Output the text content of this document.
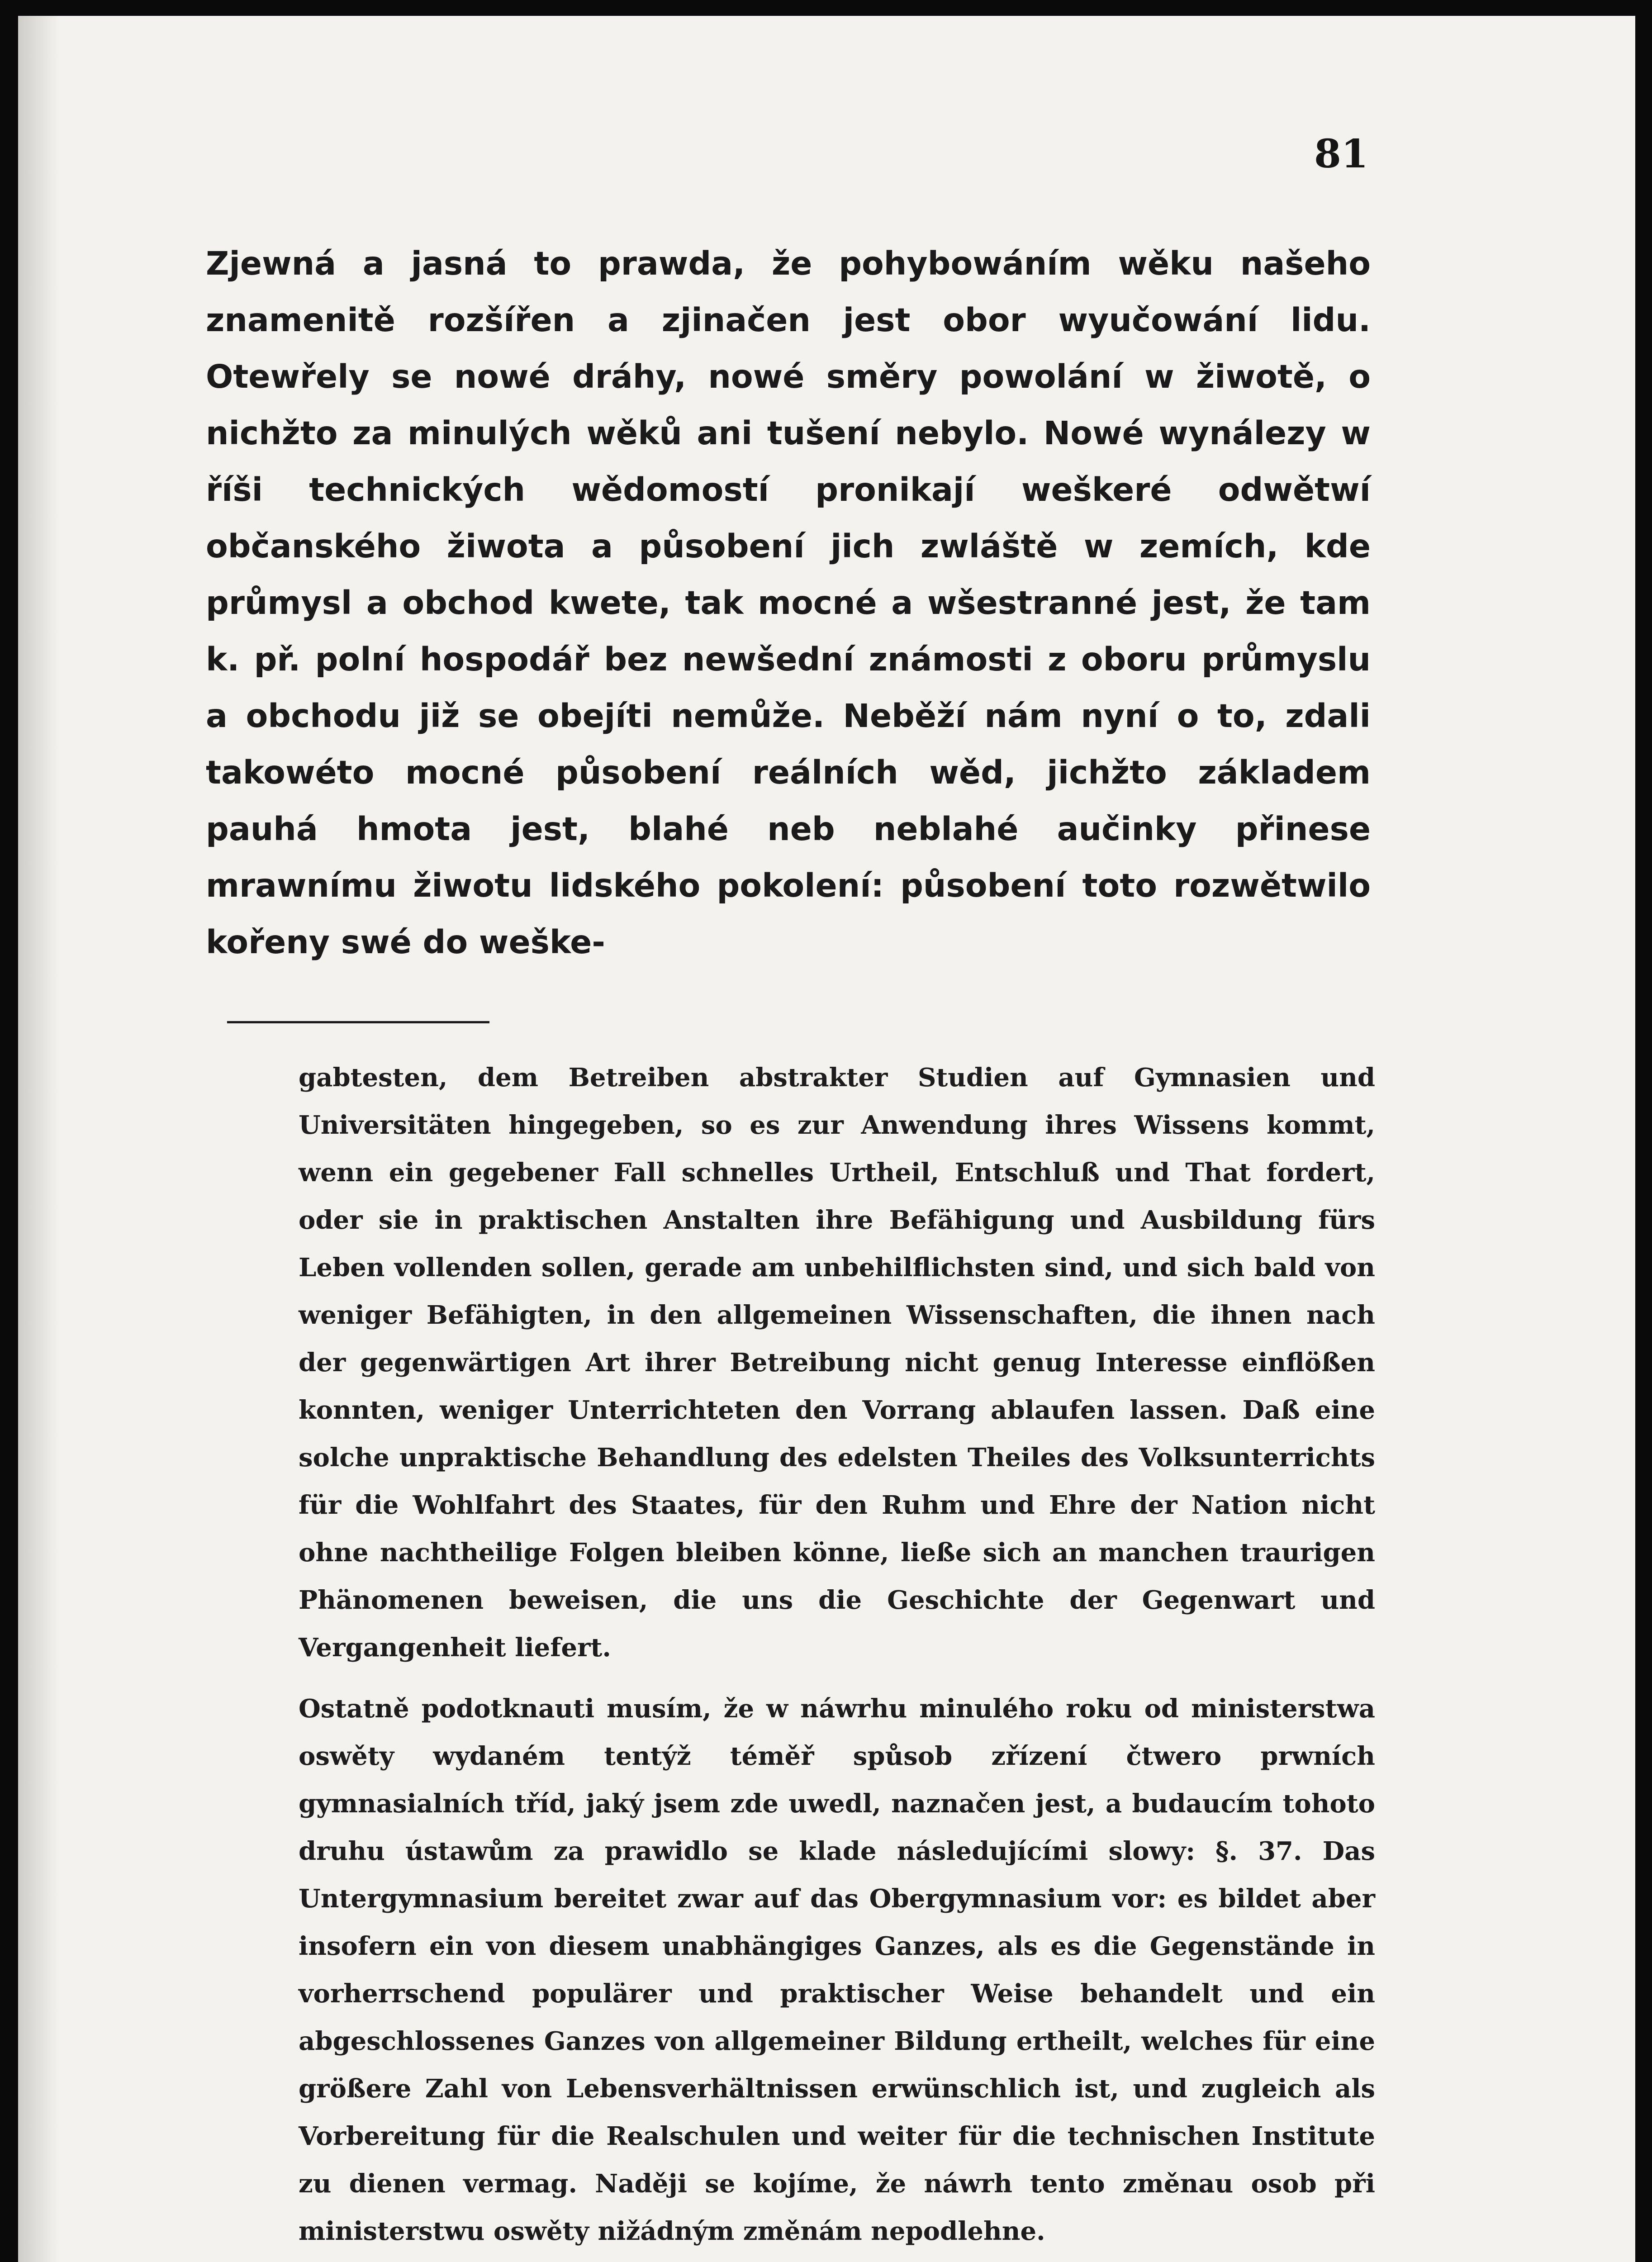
81

Zjewná a jasná to prawda, že pohybowáním wěku našeho znamenitě rozšířen a zjinačen jest obor wyučowání lidu. Otewřely se nowé dráhy, nowé směry powolání w žiwotě, o nichžto za minulých wěků ani tušení nebylo. Nowé wynálezy w říši technických wědomostí pronikají weškeré odwětwí občanského žiwota a působení jich zwláště w zemích, kde průmysl a obchod kwete, tak mocné a wšestranné jest, že tam k. př. polní hospodář bez newšední známosti z oboru průmyslu a obchodu již se obejíti nemůže. Neběží nám nyní o to, zdali takowéto mocné působení reálních wěd, jichžto základem pauhá hmota jest, blahé neb neblahé aučinky přinese mrawnímu žiwotu lidského pokolení: působení toto rozwětwilo kořeny swé do weške-

gabtesten, dem Betreiben abstrakter Studien auf Gymnasien und Universitäten hingegeben, so es zur Anwendung ihres Wissens kommt, wenn ein gegebener Fall schnelles Urtheil, Entschluß und That fordert, oder sie in praktischen Anstalten ihre Befähigung und Ausbildung fürs Leben vollenden sollen, gerade am unbehilflichsten sind, und sich bald von weniger Befähigten, in den allgemeinen Wissenschaften, die ihnen nach der gegenwärtigen Art ihrer Betreibung nicht genug Interesse einflößen konnten, weniger Unterrichteten den Vorrang ablaufen lassen. Daß eine solche unpraktische Behandlung des edelsten Theiles des Volksunterrichts für die Wohlfahrt des Staates, für den Ruhm und Ehre der Nation nicht ohne nachtheilige Folgen bleiben könne, ließe sich an manchen traurigen Phänomenen beweisen, die uns die Geschichte der Gegenwart und Vergangenheit liefert.

Ostatně podotknauti musím, že w náwrhu minulého roku od ministerstwa oswěty wydaném tentýž téměř spůsob zřízení čtwero prwních gymnasialních tříd, jaký jsem zde uwedl, naznačen jest, a budaucím tohoto druhu ústawům za prawidlo se klade následujícími slowy: §. 37. Das Untergymnasium bereitet zwar auf das Obergymnasium vor: es bildet aber insofern ein von diesem unabhängiges Ganzes, als es die Gegenstände in vorherrschend populärer und praktischer Weise behandelt und ein abgeschlossenes Ganzes von allgemeiner Bildung ertheilt, welches für eine größere Zahl von Lebensverhältnissen erwünschlich ist, und zugleich als Vorbereitung für die Realschulen und weiter für die technischen Institute zu dienen vermag. Naději se kojíme, že náwrh tento změnau osob při ministerstwu oswěty nižádným změnám nepodlehne.
